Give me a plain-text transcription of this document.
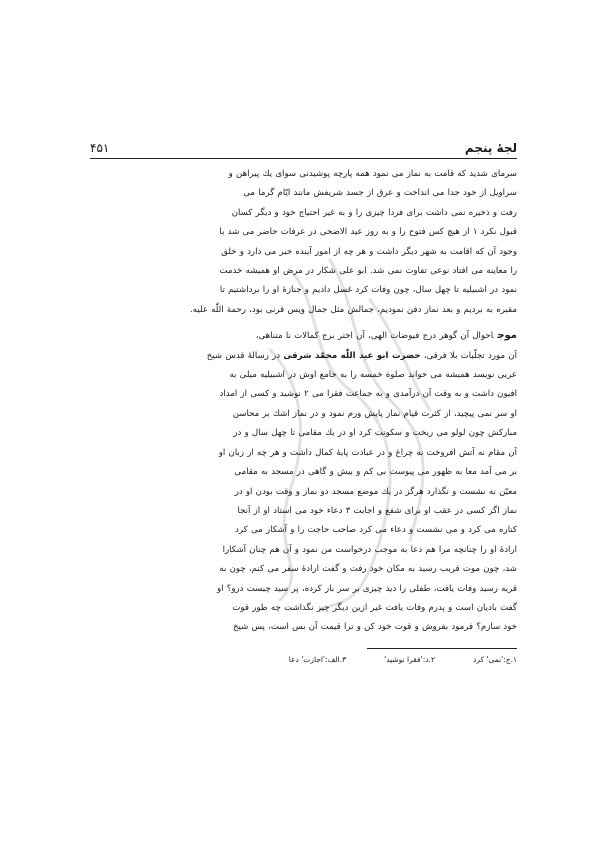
لجۀ پنجم
۴۵۱

سرمای شدید که قامت به نماز می نمود همه پارچه پوشیدنی سوای یك پیراهن و
سراویل از خود جدا می انداخت و عرق از جسد شریفش مانند ایّام گرما می
رفت و ذخیره نمی داشت برای فردا چیزی را و به غیر احتیاج خود و دیگر کسان
قبول نکرد ۱ از هیچ کس فتوح را و به روز عید الاضحی در عرفات حاضر می شد با
وجود آن که اقامت به شهر دیگر داشت و هر چه از امور آینده خبر می دارد و خلق
را معاینه می افتاد نوعی تفاوت نمی شد. ابو علی شکار در مرض او همیشه خدمت
نمود در اشبیلیه تا چهل سال، چون وفات کرد غسل دادیم و جنازۀ او را برداشتیم تا
مقبره به بردیم و بعد نماز دفن نمودیم، جمالش مثل جمال ویس قرنی بود، رحمة اللّٰه علیه.

موجاحوال آن گوهر درج فیوضات الهی، آن اختر برج کمالات نا متناهی،
آن مورد تجلّیات بلا فرقی، حضرت ابو عبد اللّٰه محمّد شرقی در رسالۀ قدس شیخ
عربی نویسد همیشه می خواند صلوة خمسه را به جامع اوش در اشبیلیه میلی به
افیون داشت و به وقت آن درآمدی و به جماعت فقرا می ۲ نوشید و کسی از امداد
او سر نمی پیچید، از کثرت قیام نماز پایش ورم نمود و در نماز اشك بر محاسن
مبارکش چون لولو می ریخت و سکونت کرد او در یك مقامی تا چهل سال و در
آن مقام نه آتش افروخت نه چراغ و در عبادت پایۀ کمال داشت و هر چه از زبان او
بر می آمد معا به ظهور می پیوست بی کم و بیش و گاهی در مسجد به مقامی
معیّن نه نشست و نگذارد هرگز در یك موضع مسجد دو نماز و وقت بودن او در
نماز اگر کسی در عقب او برای شفع و اجابت ۳ دعاء خود می استاد او از آنجا
کناره می کرد و می نشست و دعاء می کرد صاحب حاجت را و آشکار می کرد
ارادۀ او را چنانچه مرا هم دعا به موجب درخواست من نمود و آن هم چنان آشکارا
شد، چون موت قریب رسید به مکان خود رفت و گفت ارادۀ سفر می کنم، چون به
قریه رسید وفات یافت، طفلی را دید چیزی بر سر بار کرده، پر سید چیست درو؟ او
گفت بادیان است و پدرم وفات یافت غیر ازین دیگر چیز نگذاشت چه طور قوت
خود سازم؟ فرمود بفروش و قوت خود کن و ترا قیمت آن بس است، پس شیخ

۱.ج:'نمی' کرد
۲.د:'فقرا نوشید'
۳.الف:'اجازت' دعا
